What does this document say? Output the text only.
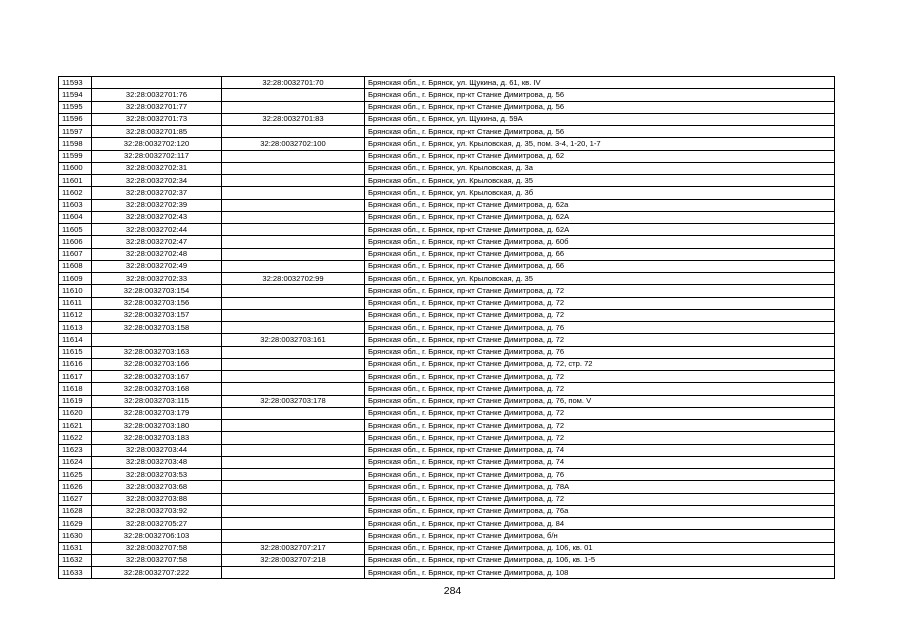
11593		32:28:0032701:70	Брянская обл., г. Брянск, ул. Щукина, д. 61, кв. IV
11594	32:28:0032701:76		Брянская обл., г. Брянск, пр-кт Станке Димитрова, д. 56
11595	32:28:0032701:77		Брянская обл., г. Брянск, пр-кт Станке Димитрова, д. 56
11596	32:28:0032701:73	32:28:0032701:83	Брянская обл., г. Брянск, ул. Щукина, д. 59А
11597	32:28:0032701:85		Брянская обл., г. Брянск, пр-кт Станке Димитрова, д. 56
11598	32:28:0032702:120	32:28:0032702:100	Брянская обл., г. Брянск, ул. Крыловская, д. 35, пом. 3-4, 1-20, 1-7
11599	32:28:0032702:117		Брянская обл., г. Брянск, пр-кт Станке Димитрова, д. 62
11600	32:28:0032702:31		Брянская обл., г. Брянск, ул. Крыловская, д. 3а
11601	32:28:0032702:34		Брянская обл., г. Брянск, ул. Крыловская, д. 35
11602	32:28:0032702:37		Брянская обл., г. Брянск, ул. Крыловская, д. 3б
11603	32:28:0032702:39		Брянская обл., г. Брянск, пр-кт Станке Димитрова, д. 62а
11604	32:28:0032702:43		Брянская обл., г. Брянск, пр-кт Станке Димитрова, д. 62А
11605	32:28:0032702:44		Брянская обл., г. Брянск, пр-кт Станке Димитрова, д. 62А
11606	32:28:0032702:47		Брянская обл., г. Брянск, пр-кт Станке Димитрова, д. 60б
11607	32:28:0032702:48		Брянская обл., г. Брянск, пр-кт Станке Димитрова, д. 66
11608	32:28:0032702:49		Брянская обл., г. Брянск, пр-кт Станке Димитрова, д. 66
11609	32:28:0032702:33	32:28:0032702:99	Брянская обл., г. Брянск, ул. Крыловская, д. 35
11610	32:28:0032703:154		Брянская обл., г. Брянск, пр-кт Станке Димитрова, д. 72
11611	32:28:0032703:156		Брянская обл., г. Брянск, пр-кт Станке Димитрова, д. 72
11612	32:28:0032703:157		Брянская обл., г. Брянск, пр-кт Станке Димитрова, д. 72
11613	32:28:0032703:158		Брянская обл., г. Брянск, пр-кт Станке Димитрова, д. 76
11614		32:28:0032703:161	Брянская обл., г. Брянск, пр-кт Станке Димитрова, д. 72
11615	32:28:0032703:163		Брянская обл., г. Брянск, пр-кт Станке Димитрова, д. 76
11616	32:28:0032703:166		Брянская обл., г. Брянск, пр-кт Станке Димитрова, д. 72, стр. 72
11617	32:28:0032703:167		Брянская обл., г. Брянск, пр-кт Станке Димитрова, д. 72
11618	32:28:0032703:168		Брянская обл., г. Брянск, пр-кт Станке Димитрова, д. 72
11619	32:28:0032703:115	32:28:0032703:178	Брянская обл., г. Брянск, пр-кт Станке Димитрова, д. 76, пом. V
11620	32:28:0032703:179		Брянская обл., г. Брянск, пр-кт Станке Димитрова, д. 72
11621	32:28:0032703:180		Брянская обл., г. Брянск, пр-кт Станке Димитрова, д. 72
11622	32:28:0032703:183		Брянская обл., г. Брянск, пр-кт Станке Димитрова, д. 72
11623	32:28:0032703:44		Брянская обл., г. Брянск, пр-кт Станке Димитрова, д. 74
11624	32:28:0032703:48		Брянская обл., г. Брянск, пр-кт Станке Димитрова, д. 74
11625	32:28:0032703:53		Брянская обл., г. Брянск, пр-кт Станке Димитрова, д. 76
11626	32:28:0032703:68		Брянская обл., г. Брянск, пр-кт Станке Димитрова, д. 78А
11627	32:28:0032703:88		Брянская обл., г. Брянск, пр-кт Станке Димитрова, д. 72
11628	32:28:0032703:92		Брянская обл., г. Брянск, пр-кт Станке Димитрова, д. 76а
11629	32:28:0032705:27		Брянская обл., г. Брянск, пр-кт Станке Димитрова, д. 84
11630	32:28:0032706:103		Брянская обл., г. Брянск, пр-кт Станке Димитрова, б/н
11631	32:28:0032707:58	32:28:0032707:217	Брянская обл., г. Брянск, пр-кт Станке Димитрова, д. 106, кв. 01
11632	32:28:0032707:58	32:28:0032707:218	Брянская обл., г. Брянск, пр-кт Станке Димитрова, д. 106, кв. 1-5
11633	32:28:0032707:222		Брянская обл., г. Брянск, пр-кт Станке Димитрова, д. 108
284
